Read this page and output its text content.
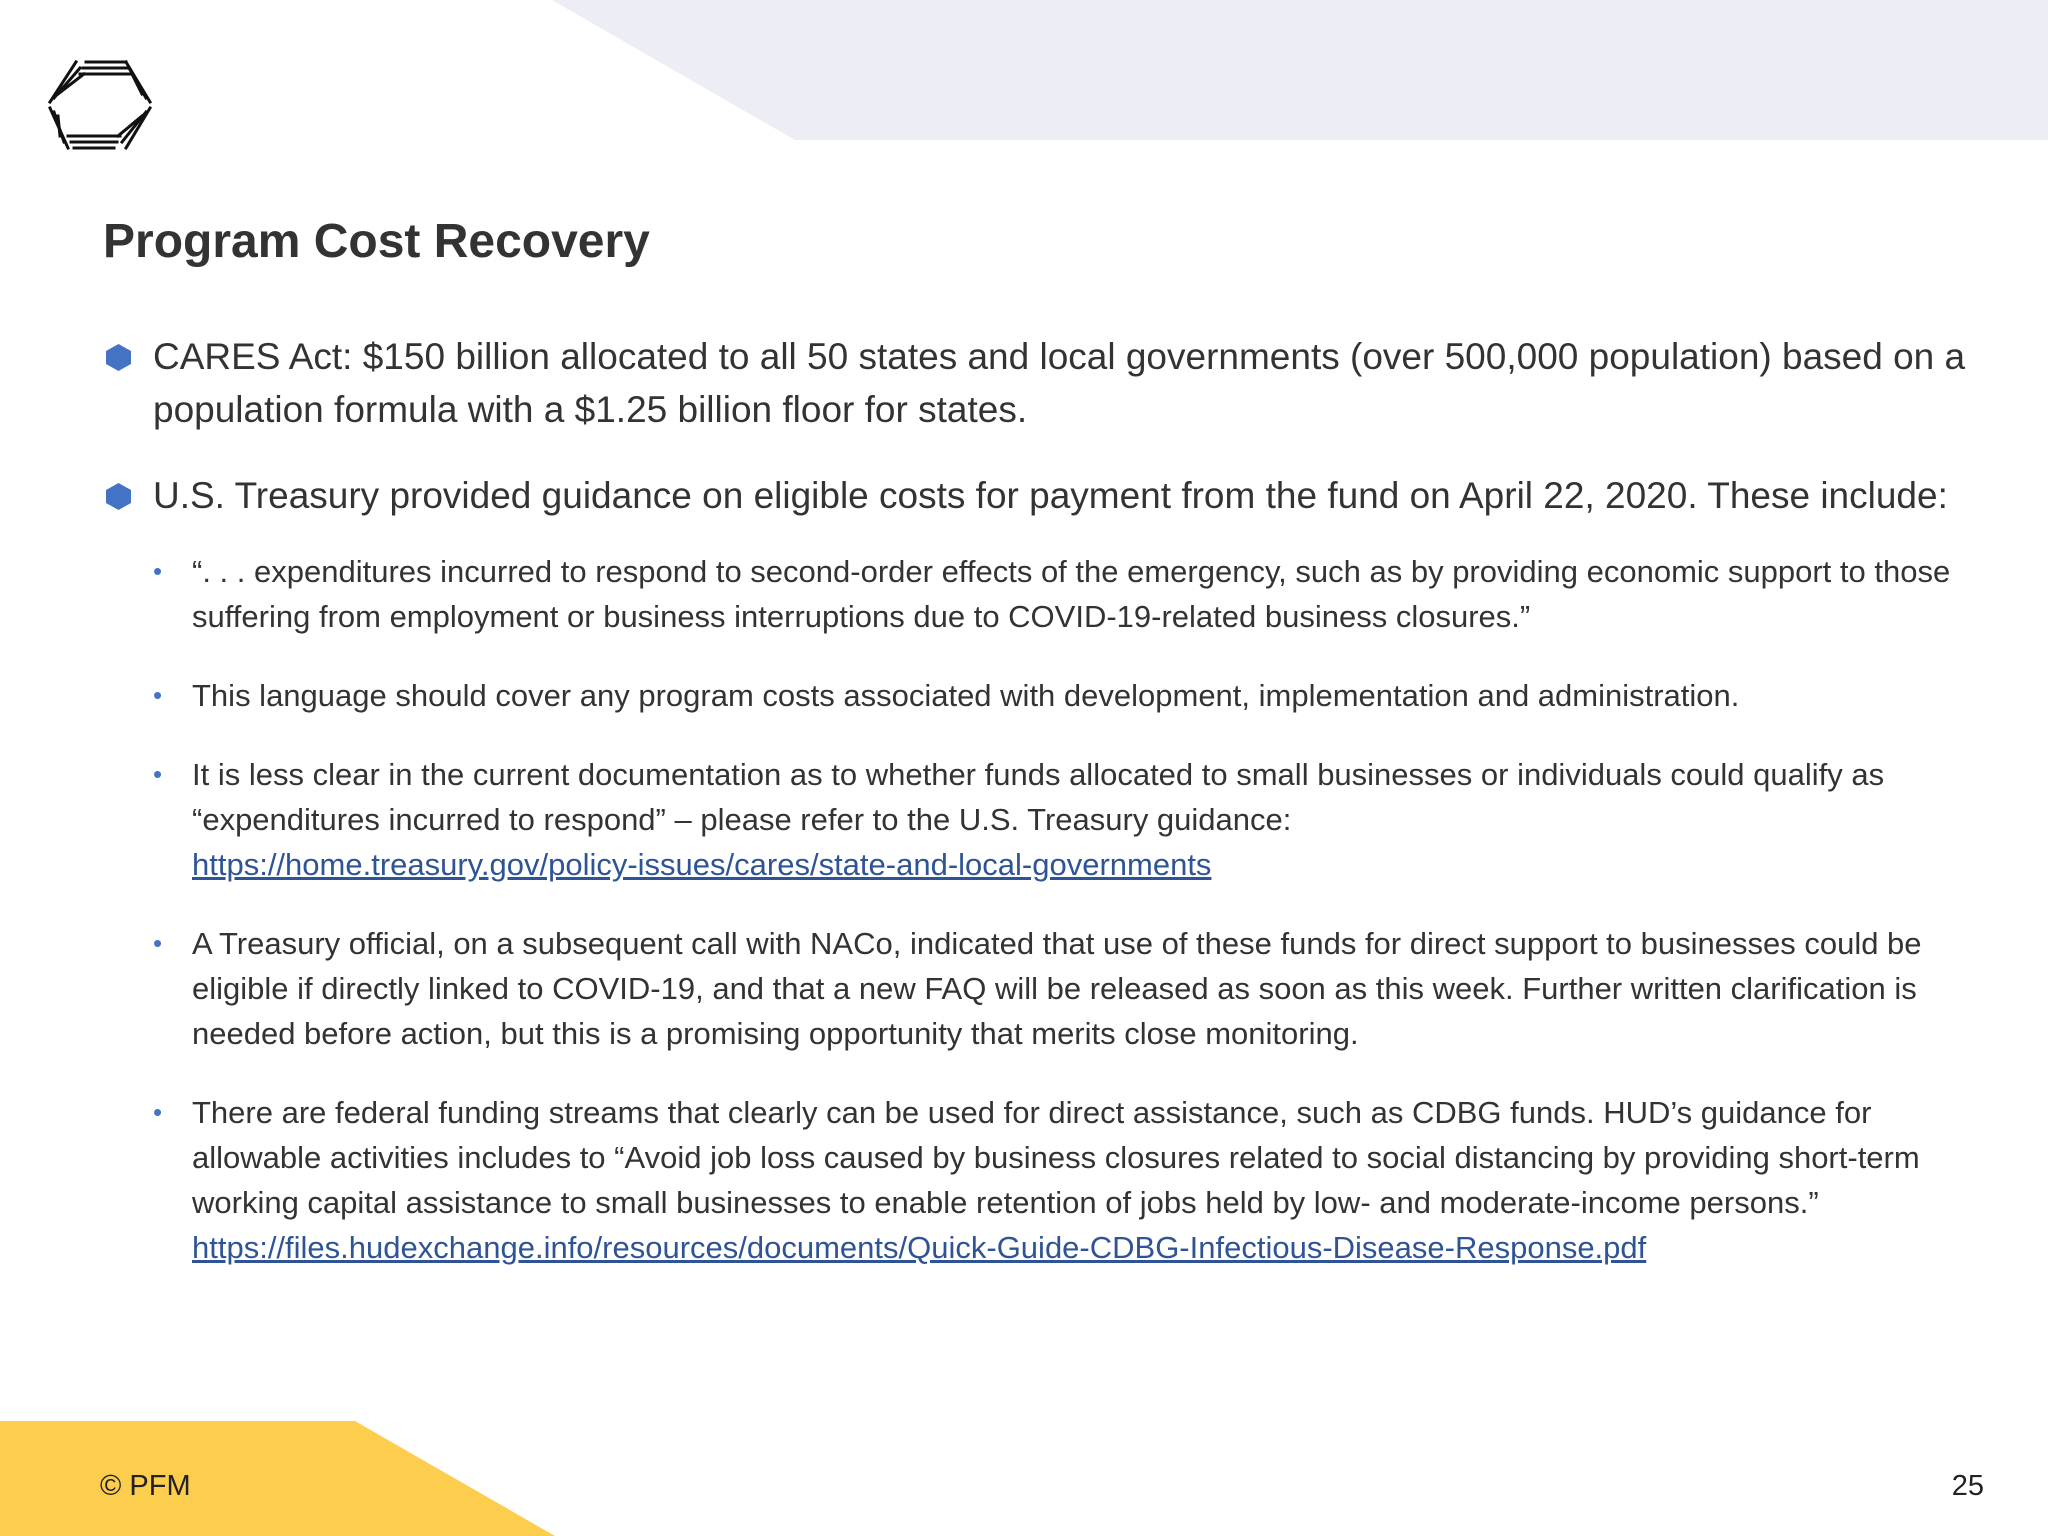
Program Cost Recovery
CARES Act: $150 billion allocated to all 50 states and local governments (over 500,000 population) based on a population formula with a $1.25 billion floor for states.
U.S. Treasury provided guidance on eligible costs for payment from the fund on April 22, 2020. These include:
• “. . . expenditures incurred to respond to second-order effects of the emergency, such as by providing economic support to those suffering from employment or business interruptions due to COVID-19-related business closures.”
• This language should cover any program costs associated with development, implementation and administration.
• It is less clear in the current documentation as to whether funds allocated to small businesses or individuals could qualify as “expenditures incurred to respond” – please refer to the U.S. Treasury guidance:
https://home.treasury.gov/policy-issues/cares/state-and-local-governments
• A Treasury official, on a subsequent call with NACo, indicated that use of these funds for direct support to businesses could be eligible if directly linked to COVID-19, and that a new FAQ will be released as soon as this week. Further written clarification is needed before action, but this is a promising opportunity that merits close monitoring.
• There are federal funding streams that clearly can be used for direct assistance, such as CDBG funds. HUD’s guidance for allowable activities includes to “Avoid job loss caused by business closures related to social distancing by providing short-term working capital assistance to small businesses to enable retention of jobs held by low- and moderate-income persons.”
https://files.hudexchange.info/resources/documents/Quick-Guide-CDBG-Infectious-Disease-Response.pdf
© PFM	25
